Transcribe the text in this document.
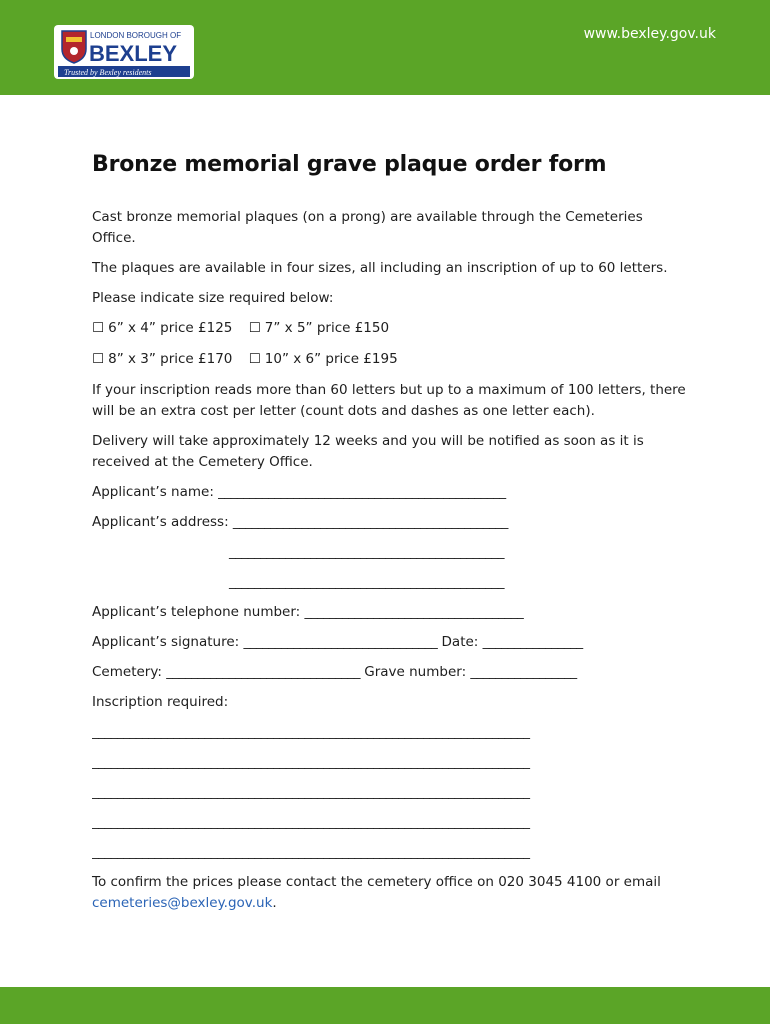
LONDON BOROUGH OF
BEXLEY
Trusted by Bexley residents
www.bexley.gov.uk
Bronze memorial grave plaque order form

Cast bronze memorial plaques (on a prong) are available through the Cemeteries Office.

The plaques are available in four sizes, all including an inscription of up to 60 letters.

Please indicate size required below:

☐ 6” x 4” price £125 ☐ 7” x 5” price £150
☐ 8” x 3” price £170 ☐ 10” x 6” price £195

If your inscription reads more than 60 letters but up to a maximum of 100 letters, there will be an extra cost per letter (count dots and dashes as one letter each).

Delivery will take approximately 12 weeks and you will be notified as soon as it is received at the Cemetery Office.

Applicant’s name: ______________________________________________
Applicant’s address: ____________________________________________
____________________________________________
____________________________________________
Applicant’s telephone number: ___________________________________
Applicant’s signature: _______________________________ Date: ________________
Cemetery: _______________________________ Grave number: _________________

Inscription required:

______________________________________________________________________
______________________________________________________________________
______________________________________________________________________
______________________________________________________________________
______________________________________________________________________

To confirm the prices please contact the cemetery office on 020 3045 4100 or email cemeteries@bexley.gov.uk.
